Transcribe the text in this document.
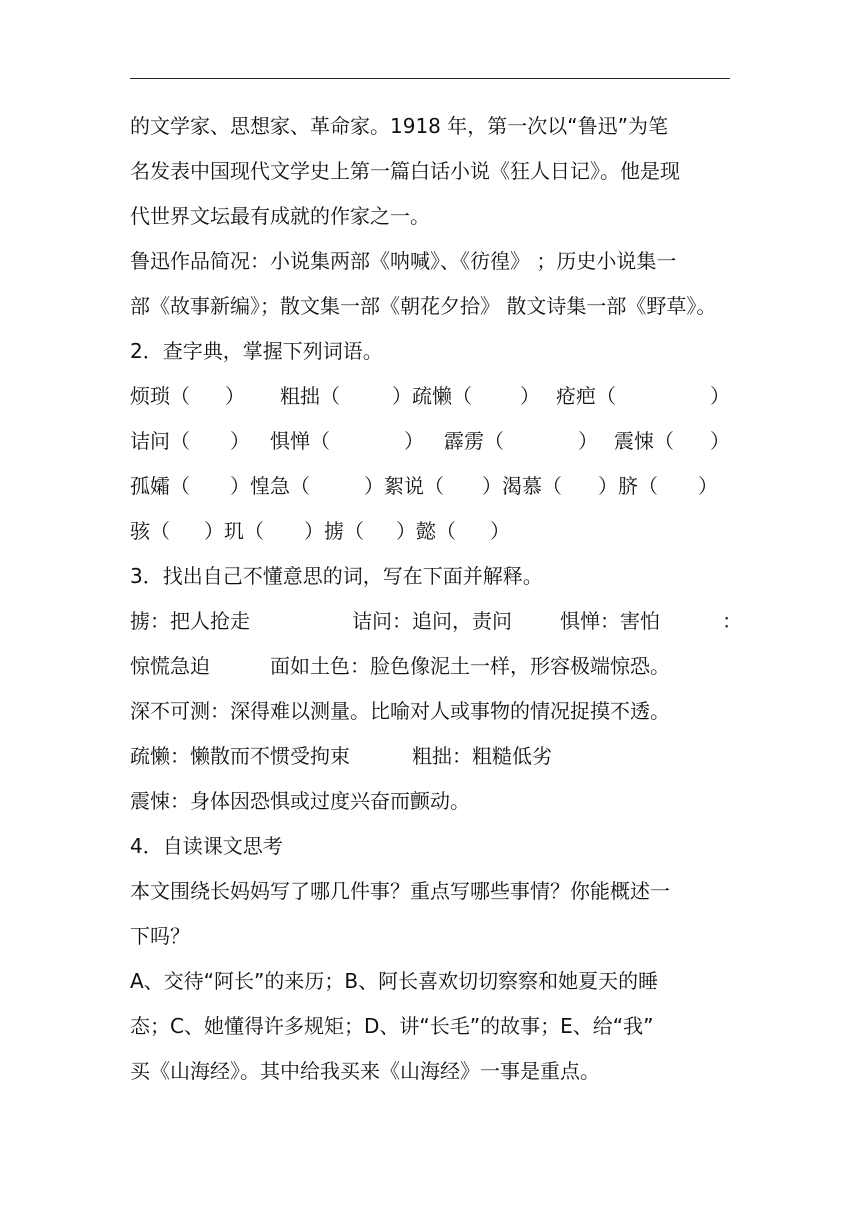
的文学家、思想家、革命家。1918 年，第一次以“鲁迅”为笔
名发表中国现代文学史上第一篇白话小说《狂人日记》。他是现
代世界文坛最有成就的作家之一。
鲁迅作品简况：小说集两部《呐喊》、《彷徨》 ；历史小说集一
部《故事新编》；散文集一部《朝花夕拾》 散文诗集一部《野草》。
2．查字典，掌握下列词语。
烦琐（ ） 粗拙（	）疏懒（ ） 疮疤（	）
诘问（ ） 惧惮（	） 霹雳（	） 震悚（ ）
孤孀（ ）惶急（	）絮说（ ）渴慕（ ）脐（ ）
骇（ ）玑（ ）掳（ ）懿（ ）
3．找出自己不懂意思的词，写在下面并解释。
掳：把人抢走	诘问：追问，责问 惧惮：害怕	：
惊慌急迫	面如土色：脸色像泥土一样，形容极端惊恐。
深不可测：深得难以测量。比喻对人或事物的情况捉摸不透。
疏懒：懒散而不惯受拘束	粗拙：粗糙低劣
震悚：身体因恐惧或过度兴奋而颤动。
4．自读课文思考
本文围绕长妈妈写了哪几件事？重点写哪些事情？你能概述一
下吗？
A、交待“阿长”的来历；B、阿长喜欢切切察察和她夏天的睡
态；C、她懂得许多规矩；D、讲“长毛”的故事；E、给“我”
买《山海经》。其中给我买来《山海经》一事是重点。
